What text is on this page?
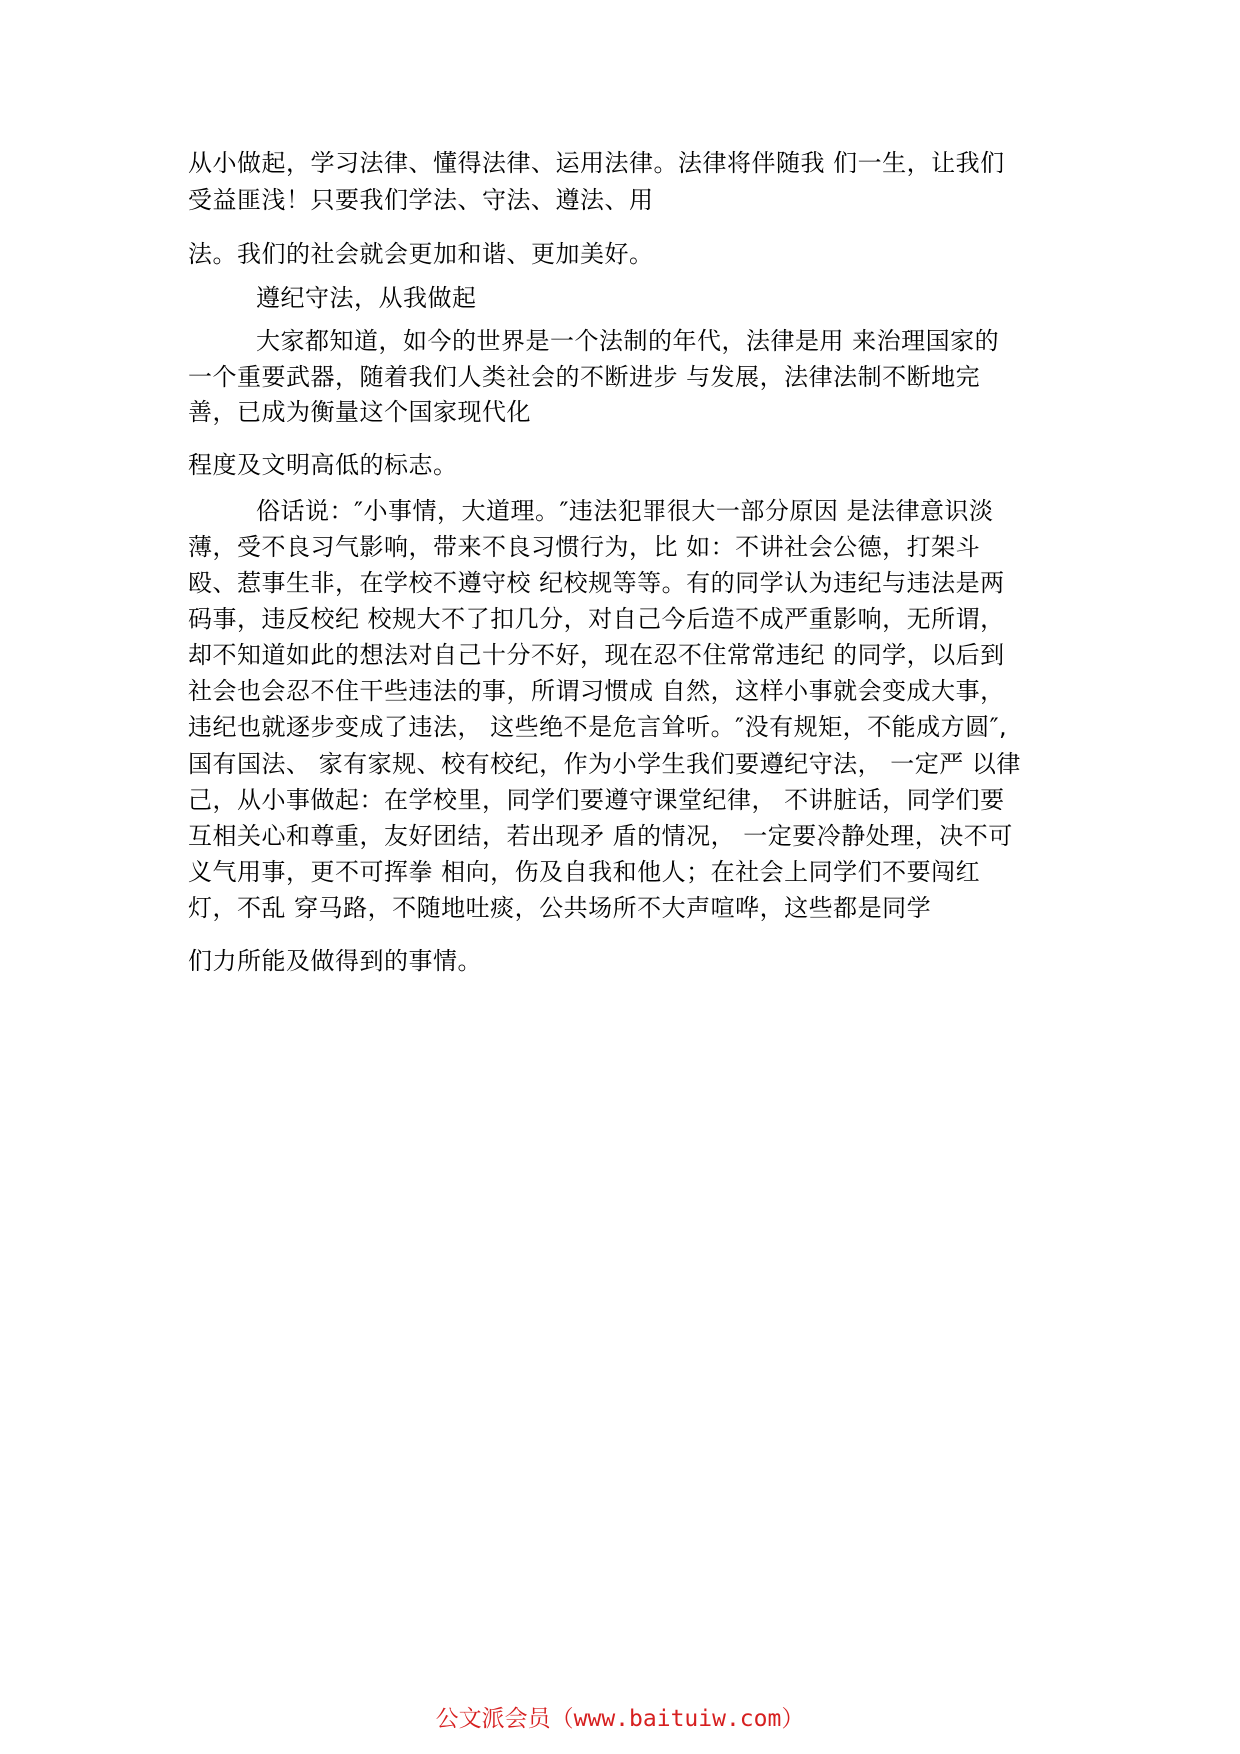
从小做起，学习法律、懂得法律、运用法律。法律将伴随我 们一生，让我们
受益匪浅！只要我们学法、守法、遵法、用
法。我们的社会就会更加和谐、更加美好。
遵纪守法，从我做起
大家都知道，如今的世界是一个法制的年代，法律是用 来治理国家的
一个重要武器，随着我们人类社会的不断进步 与发展，法律法制不断地完
善，已成为衡量这个国家现代化
程度及文明高低的标志。
俗话说：″小事情，大道理。″违法犯罪很大一部分原因 是法律意识淡
薄，受不良习气影响，带来不良习惯行为，比 如：不讲社会公德，打架斗
殴、惹事生非，在学校不遵守校 纪校规等等。有的同学认为违纪与违法是两
码事，违反校纪 校规大不了扣几分，对自己今后造不成严重影响，无所谓，
却不知道如此的想法对自己十分不好，现在忍不住常常违纪 的同学，以后到
社会也会忍不住干些违法的事，所谓习惯成 自然，这样小事就会变成大事，
违纪也就逐步变成了违法， 这些绝不是危言耸听。″没有规矩，不能成方圆″,
国有国法、 家有家规、校有校纪，作为小学生我们要遵纪守法， 一定严 以律
己，从小事做起：在学校里，同学们要遵守课堂纪律， 不讲脏话，同学们要
互相关心和尊重，友好团结，若出现矛 盾的情况， 一定要冷静处理，决不可
义气用事，更不可挥拳 相向，伤及自我和他人；在社会上同学们不要闯红
灯，不乱 穿马路，不随地吐痰，公共场所不大声喧哗，这些都是同学
们力所能及做得到的事情。
公文派会员（www.baituiw.com）
